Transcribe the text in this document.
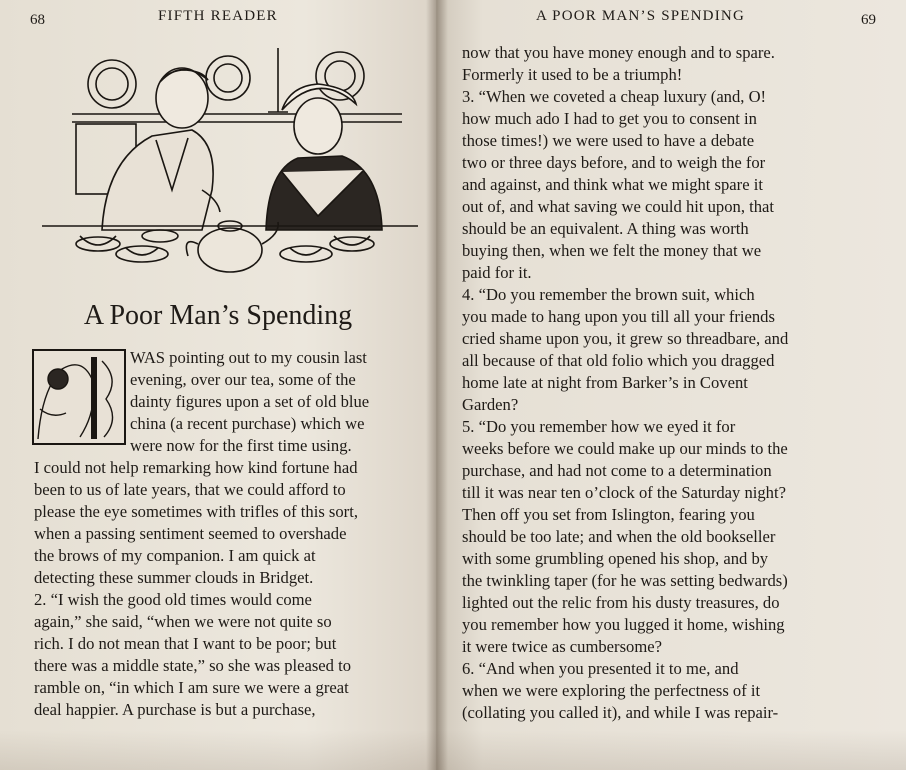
68	FIFTH READER
A Poor Man’s Spending
WAS pointing out to my cousin last
evening, over our tea, some of the
dainty figures upon a set of old blue
china (a recent purchase) which we
were now for the first time using.
I could not help remarking how kind fortune had
been to us of late years, that we could afford to
please the eye sometimes with trifles of this sort,
when a passing sentiment seemed to overshade
the brows of my companion. I am quick at
detecting these summer clouds in Bridget.
2. “I wish the good old times would come
again,” she said, “when we were not quite so
rich. I do not mean that I want to be poor; but
there was a middle state,” so she was pleased to
ramble on, “in which I am sure we were a great
deal happier. A purchase is but a purchase,
A POOR MAN’S SPENDING	69
now that you have money enough and to spare.
Formerly it used to be a triumph!
3. “When we coveted a cheap luxury (and, O!
how much ado I had to get you to consent in
those times!) we were used to have a debate
two or three days before, and to weigh the for
and against, and think what we might spare it
out of, and what saving we could hit upon, that
should be an equivalent. A thing was worth
buying then, when we felt the money that we
paid for it.
4. “Do you remember the brown suit, which
you made to hang upon you till all your friends
cried shame upon you, it grew so threadbare, and
all because of that old folio which you dragged
home late at night from Barker’s in Covent
Garden?
5. “Do you remember how we eyed it for
weeks before we could make up our minds to the
purchase, and had not come to a determination
till it was near ten o’clock of the Saturday night?
Then off you set from Islington, fearing you
should be too late; and when the old bookseller
with some grumbling opened his shop, and by
the twinkling taper (for he was setting bedwards)
lighted out the relic from his dusty treasures, do
you remember how you lugged it home, wishing
it were twice as cumbersome?
6. “And when you presented it to me, and
when we were exploring the perfectness of it
(collating you called it), and while I was repair-
